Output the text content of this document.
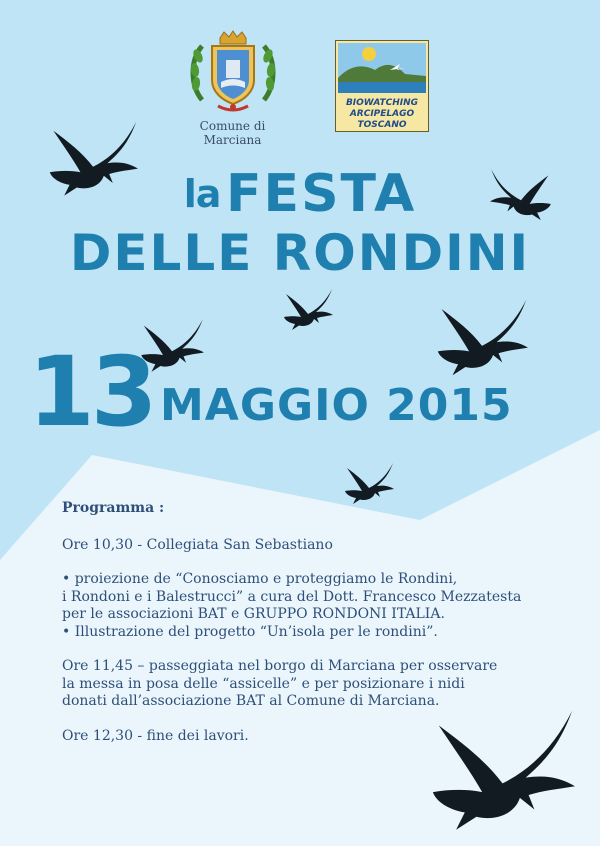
Comune di Marciana
BIOWATCHING
ARCIPELAGO
TOSCANO
la FESTA
DELLE RONDINI
13 MAGGIO 2015
Programma :

Ore 10,30 - Collegiata San Sebastiano

• proiezione de “Conosciamo e proteggiamo le Rondini,
i Rondoni e i Balestrucci” a cura del Dott. Francesco Mezzatesta
per le associazioni BAT e GRUPPO RONDONI ITALIA.
• Illustrazione del progetto “Un’isola per le rondini”.

Ore 11,45 – passeggiata nel borgo di Marciana per osservare
la messa in posa delle “assicelle” e per posizionare i nidi
donati dall’associazione BAT al Comune di Marciana.

Ore 12,30 - fine dei lavori.
